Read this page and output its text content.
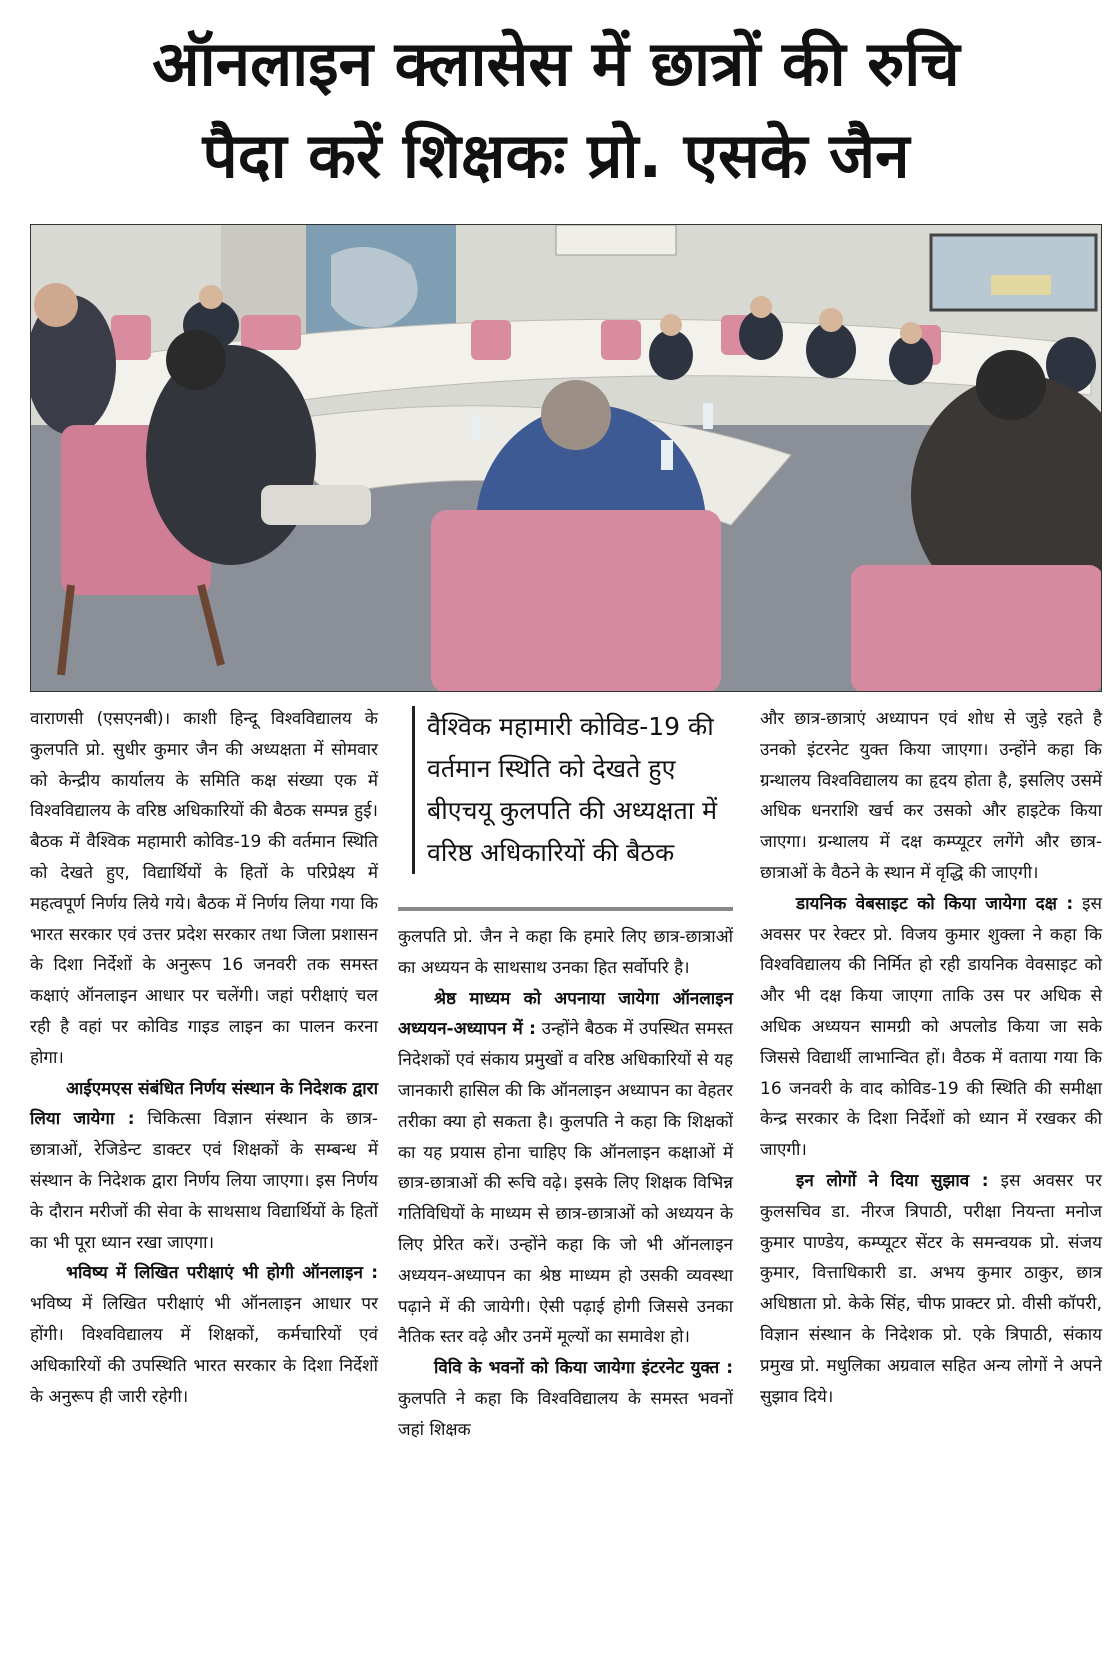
ऑनलाइन क्लासेस में छात्रों की रुचि
पैदा करें शिक्षकः प्रो. एसके जैन

वाराणसी (एसएनबी)। काशी हिन्दू विश्वविद्यालय के कुलपति प्रो. सुधीर कुमार जैन की अध्यक्षता में सोमवार को केन्द्रीय कार्यालय के समिति कक्ष संख्या एक में विश्वविद्यालय के वरिष्ठ अधिकारियों की बैठक सम्पन्न हुई। बैठक में वैश्विक महामारी कोविड-19 की वर्तमान स्थिति को देखते हुए, विद्यार्थियों के हितों के परिप्रेक्ष्य में महत्वपूर्ण निर्णय लिये गये। बैठक में निर्णय लिया गया कि भारत सरकार एवं उत्तर प्रदेश सरकार तथा जिला प्रशासन के दिशा निर्देशों के अनुरूप 16 जनवरी तक समस्त कक्षाएं ऑनलाइन आधार पर चलेंगी। जहां परीक्षाएं चल रही है वहां पर कोविड गाइड लाइन का पालन करना होगा।

आईएमएस संबंधित निर्णय संस्थान के निदेशक द्वारा लिया जायेगा : चिकित्सा विज्ञान संस्थान के छात्र-छात्राओं, रेजिडेन्ट डाक्टर एवं शिक्षकों के सम्बन्ध में संस्थान के निदेशक द्वारा निर्णय लिया जाएगा। इस निर्णय के दौरान मरीजों की सेवा के साथसाथ विद्यार्थियों के हितों का भी पूरा ध्यान रखा जाएगा।

भविष्य में लिखित परीक्षाएं भी होगी ऑनलाइन : भविष्य में लिखित परीक्षाएं भी ऑनलाइन आधार पर होंगी। विश्वविद्यालय में शिक्षकों, कर्मचारियों एवं अधिकारियों की उपस्थिति भारत सरकार के दिशा निर्देशों के अनुरूप ही जारी रहेगी।

वैश्विक महामारी कोविड-19 की वर्तमान स्थिति को देखते हुए बीएचयू कुलपति की अध्यक्षता में वरिष्ठ अधिकारियों की बैठक

कुलपति प्रो. जैन ने कहा कि हमारे लिए छात्र-छात्राओं का अध्ययन के साथसाथ उनका हित सर्वोपरि है।

श्रेष्ठ माध्यम को अपनाया जायेगा ऑनलाइन अध्ययन-अध्यापन में : उन्होंने बैठक में उपस्थित समस्त निदेशकों एवं संकाय प्रमुखों व वरिष्ठ अधिकारियों से यह जानकारी हासिल की कि ऑनलाइन अध्यापन का वेहतर तरीका क्या हो सकता है। कुलपति ने कहा कि शिक्षकों का यह प्रयास होना चाहिए कि ऑनलाइन कक्षाओं में छात्र-छात्राओं की रूचि वढ़े। इसके लिए शिक्षक विभिन्न गतिविधियों के माध्यम से छात्र-छात्राओं को अध्ययन के लिए प्रेरित करें। उन्होंने कहा कि जो भी ऑनलाइन अध्ययन-अध्यापन का श्रेष्ठ माध्यम हो उसकी व्यवस्था पढ़ाने में की जायेगी। ऐसी पढ़ाई होगी जिससे उनका नैतिक स्तर वढ़े और उनमें मूल्यों का समावेश हो।

विवि के भवनों को किया जायेगा इंटरनेट युक्त : कुलपति ने कहा कि विश्वविद्यालय के समस्त भवनों जहां शिक्षक

और छात्र-छात्राएं अध्यापन एवं शोध से जुड़े रहते है उनको इंटरनेट युक्त किया जाएगा। उन्होंने कहा कि ग्रन्थालय विश्वविद्यालय का हृदय होता है, इसलिए उसमें अधिक धनराशि खर्च कर उसको और हाइटेक किया जाएगा। ग्रन्थालय में दक्ष कम्प्यूटर लगेंगे और छात्र-छात्राओं के वैठने के स्थान में वृद्धि की जाएगी।

डायनिक वेबसाइट को किया जायेगा दक्ष : इस अवसर पर रेक्टर प्रो. विजय कुमार शुक्ला ने कहा कि विश्वविद्यालय की निर्मित हो रही डायनिक वेवसाइट को और भी दक्ष किया जाएगा ताकि उस पर अधिक से अधिक अध्ययन सामग्री को अपलोड किया जा सके जिससे विद्यार्थी लाभान्वित हों। वैठक में वताया गया कि 16 जनवरी के वाद कोविड-19 की स्थिति की समीक्षा केन्द्र सरकार के दिशा निर्देशों को ध्यान में रखकर की जाएगी।

इन लोगों ने दिया सुझाव : इस अवसर पर कुलसचिव डा. नीरज त्रिपाठी, परीक्षा नियन्ता मनोज कुमार पाण्डेय, कम्प्यूटर सेंटर के समन्वयक प्रो. संजय कुमार, वित्ताधिकारी डा. अभय कुमार ठाकुर, छात्र अधिष्ठाता प्रो. केके सिंह, चीफ प्राक्टर प्रो. वीसी कॉपरी, विज्ञान संस्थान के निदेशक प्रो. एके त्रिपाठी, संकाय प्रमुख प्रो. मधुलिका अग्रवाल सहित अन्य लोगों ने अपने सुझाव दिये।
